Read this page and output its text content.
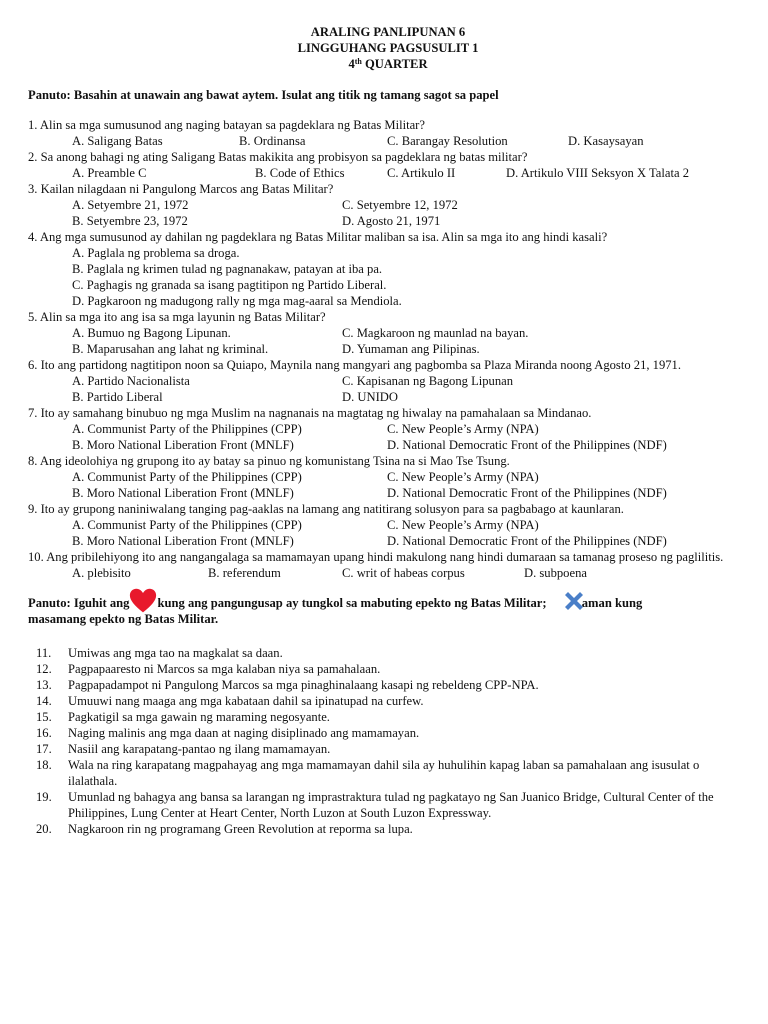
ARALING PANLIPUNAN 6
LINGGUHANG PAGSUSULIT 1
4th QUARTER
Panuto: Basahin at unawain ang bawat aytem. Isulat ang titik ng tamang sagot sa papel
1. Alin sa mga sumusunod ang naging batayan sa pagdeklara ng Batas Militar?
A. Saligang Batas	B. Ordinansa	C. Barangay Resolution	D. Kasaysayan
2. Sa anong bahagi ng ating Saligang Batas makikita ang probisyon sa pagdeklara ng batas militar?
A. Preamble C	B. Code of Ethics	C. Artikulo II	D. Artikulo VIII Seksyon X Talata 2
3. Kailan nilagdaan ni Pangulong Marcos ang Batas Militar?
A. Setyembre 21, 1972	C. Setyembre 12, 1972
B. Setyembre 23, 1972	D. Agosto 21, 1971
4. Ang mga sumusunod ay dahilan ng pagdeklara ng Batas Militar maliban sa isa. Alin sa mga ito ang hindi kasali?
A. Paglala ng problema sa droga.
B. Paglala ng krimen tulad ng pagnanakaw, patayan at iba pa.
C. Paghagis ng granada sa isang pagtitipon ng Partido Liberal.
D. Pagkaroon ng madugong rally ng mga mag-aaral sa Mendiola.
5. Alin sa mga ito ang isa sa mga layunin ng Batas Militar?
A. Bumuo ng Bagong Lipunan.	C. Magkaroon ng maunlad na bayan.
B. Maparusahan ang lahat ng kriminal.	D. Yumaman ang Pilipinas.
6. Ito ang partidong nagtitipon noon sa Quiapo, Maynila nang mangyari ang pagbomba sa Plaza Miranda noong Agosto 21, 1971.
A. Partido Nacionalista	C. Kapisanan ng Bagong Lipunan
B. Partido Liberal	D. UNIDO
7. Ito ay samahang binubuo ng mga Muslim na nagnanais na magtatag ng hiwalay na pamahalaan sa Mindanao.
A. Communist Party of the Philippines (CPP)	C. New People’s Army (NPA)
B. Moro National Liberation Front (MNLF)	D. National Democratic Front of the Philippines (NDF)
8. Ang ideolohiya ng grupong ito ay batay sa pinuo ng komunistang Tsina na si Mao Tse Tsung.
A. Communist Party of the Philippines (CPP)	C. New People’s Army (NPA)
B. Moro National Liberation Front (MNLF)	D. National Democratic Front of the Philippines (NDF)
9. Ito ay grupong naniniwalang tanging pag-aaklas na lamang ang natitirang solusyon para sa pagbabago at kaunlaran.
A. Communist Party of the Philippines (CPP)	C. New People’s Army (NPA)
B. Moro National Liberation Front (MNLF)	D. National Democratic Front of the Philippines (NDF)
10. Ang pribilehiyong ito ang nangangalaga sa mamamayan upang hindi makulong nang hindi dumaraan sa tamanag proseso ng paglilitis.
A. plebisito	B. referendum	C. writ of habeas corpus	D. subpoena
Panuto: Iguhit ang kung ang pangungusap ay tungkol sa mabuting epekto ng Batas Militar;	aman kung
masamang epekto ng Batas Militar.
11. Umiwas ang mga tao na magkalat sa daan.
12. Pagpapaaresto ni Marcos sa mga kalaban niya sa pamahalaan.
13. Pagpapadampot ni Pangulong Marcos sa mga pinaghinalaang kasapi ng rebeldeng CPP-NPA.
14. Umuuwi nang maaga ang mga kabataan dahil sa ipinatupad na curfew.
15. Pagkatigil sa mga gawain ng maraming negosyante.
16. Naging malinis ang mga daan at naging disiplinado ang mamamayan.
17. Nasiil ang karapatang-pantao ng ilang mamamayan.
18. Wala na ring karapatang magpahayag ang mga mamamayan dahil sila ay huhulihin kapag laban sa pamahalaan ang isusulat o ilalathala.
19. Umunlad ng bahagya ang bansa sa larangan ng imprastraktura tulad ng pagkatayo ng San Juanico Bridge, Cultural Center of the Philippines, Lung Center at Heart Center, North Luzon at South Luzon Expressway.
20. Nagkaroon rin ng programang Green Revolution at reporma sa lupa.
